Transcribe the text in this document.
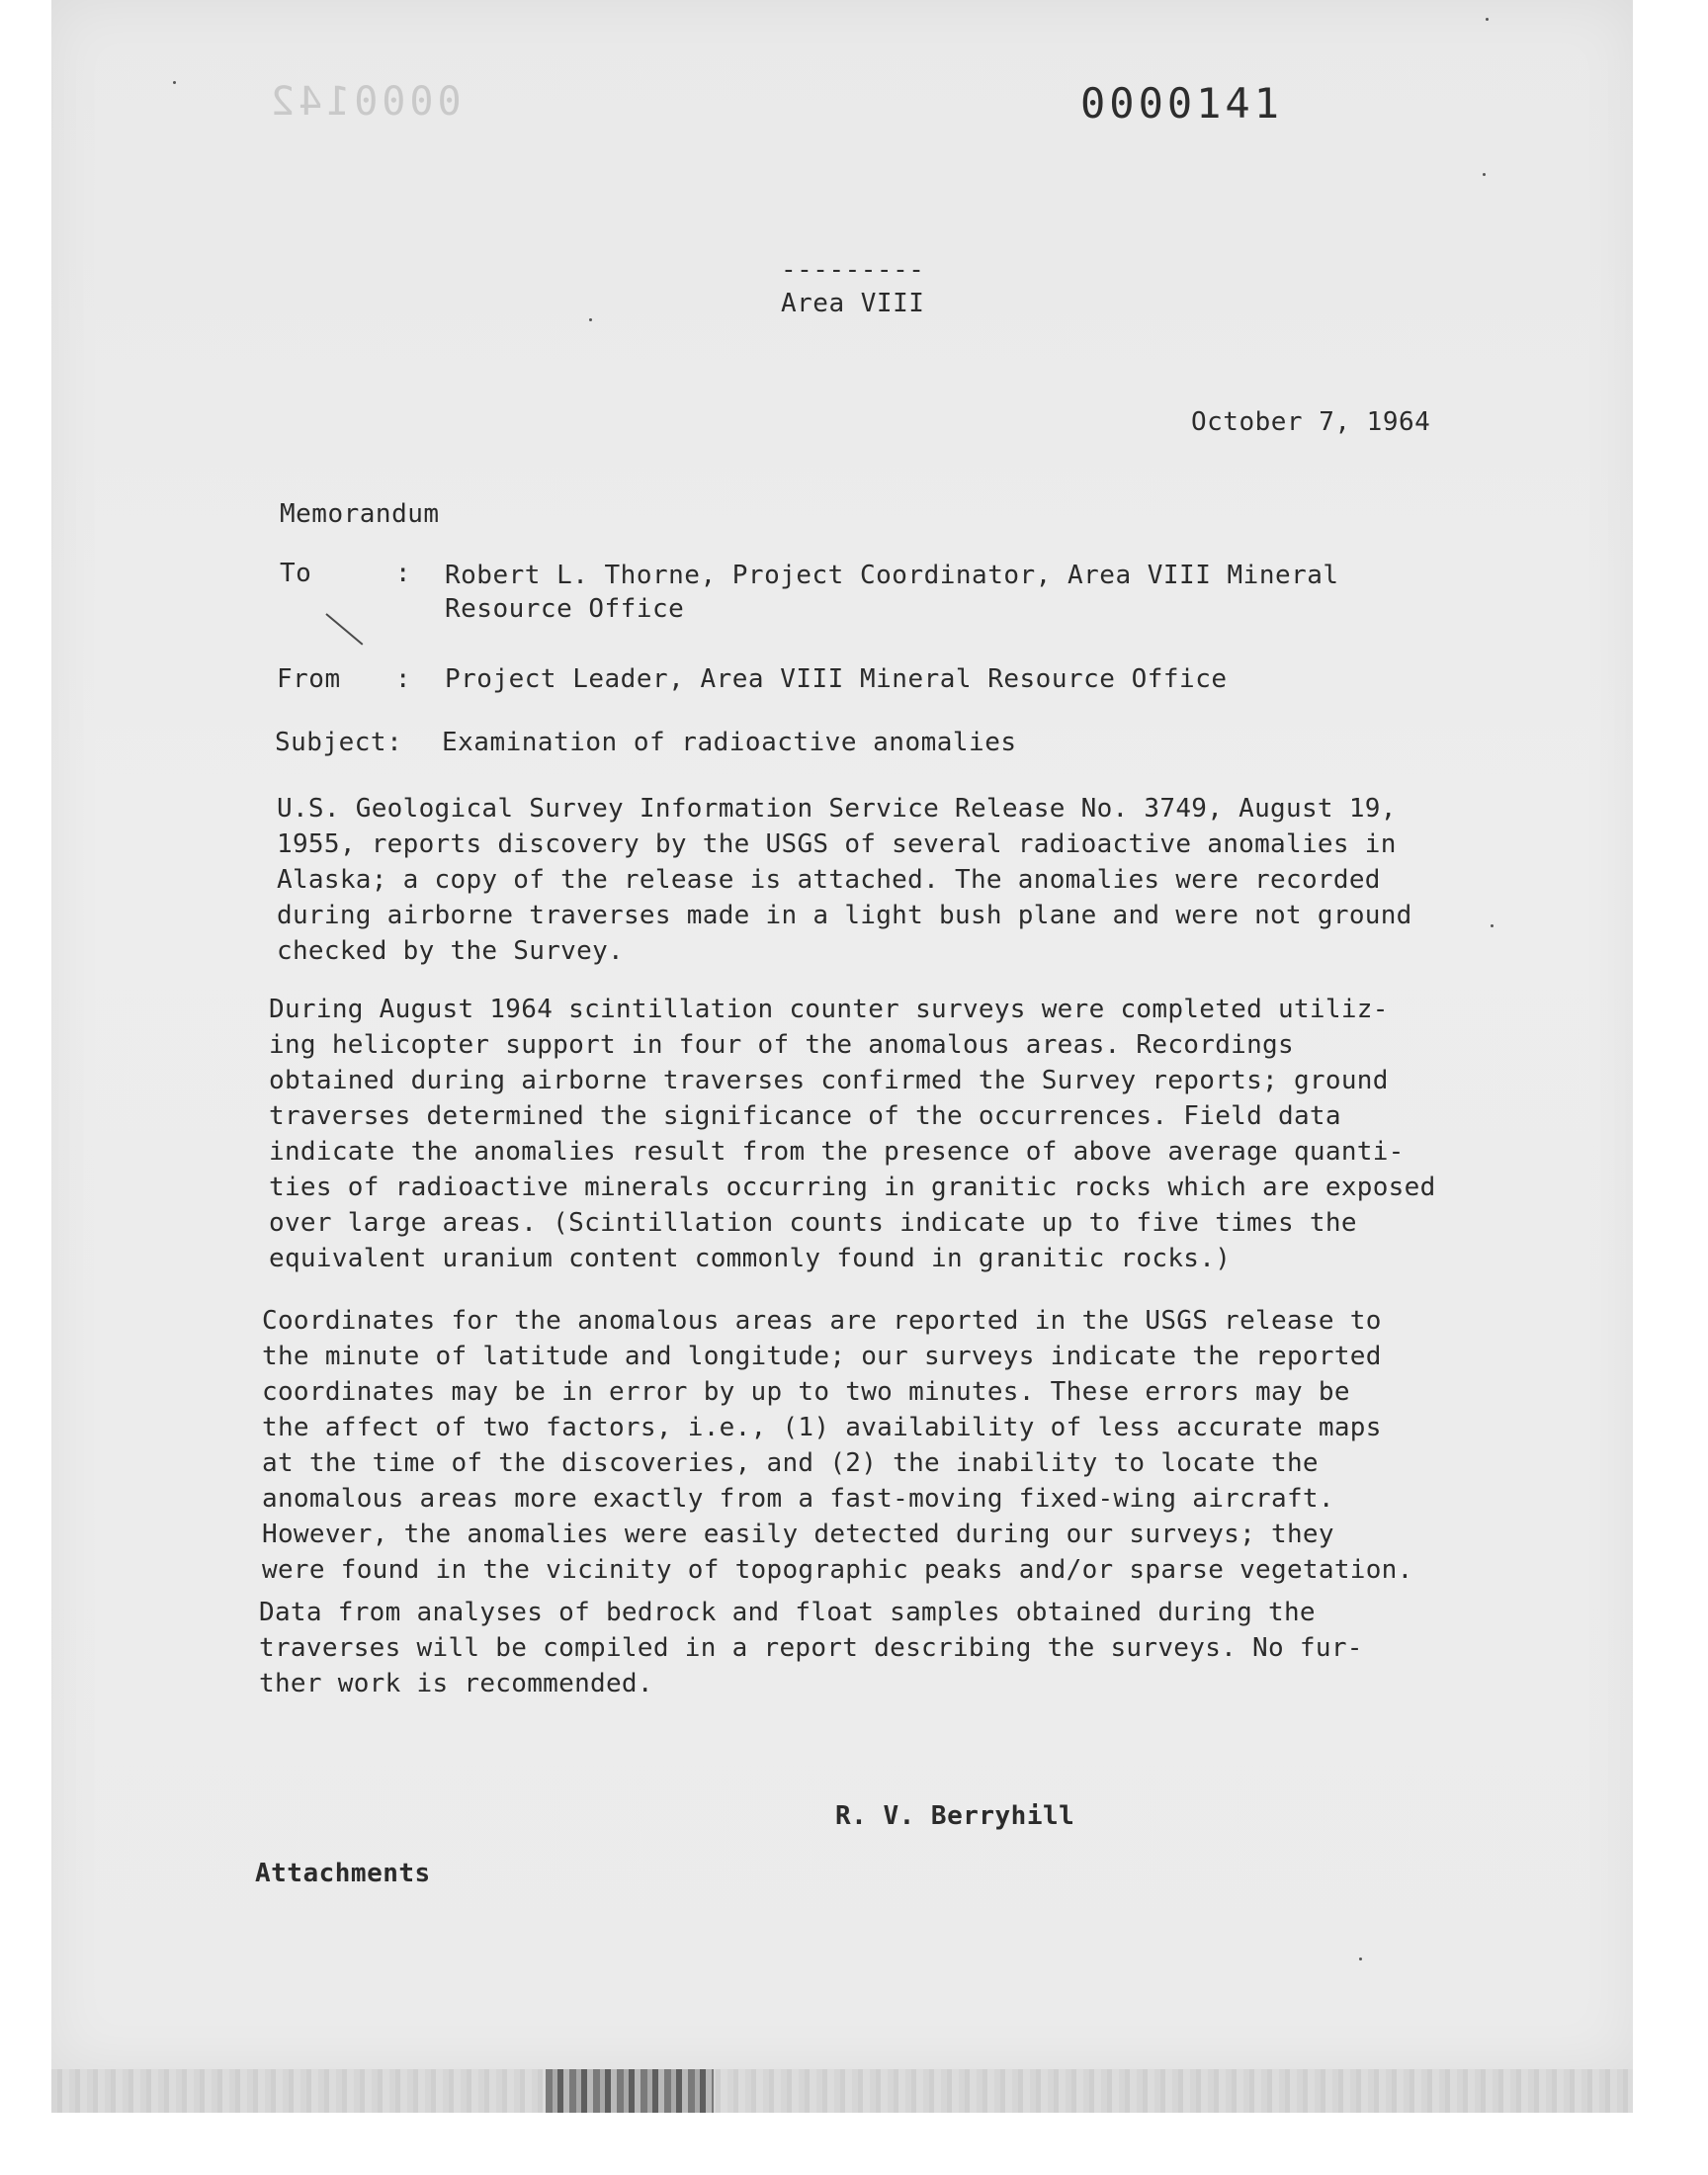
0000142	0000141
---------
Area VIII
October 7, 1964
Memorandum
To	: Robert L. Thorne, Project Coordinator, Area VIII Mineral Resource Office
From	: Project Leader, Area VIII Mineral Resource Office
Subject: Examination of radioactive anomalies
U.S. Geological Survey Information Service Release No. 3749, August 19,
1955, reports discovery by the USGS of several radioactive anomalies in
Alaska; a copy of the release is attached. The anomalies were recorded
during airborne traverses made in a light bush plane and were not ground
checked by the Survey.
During August 1964 scintillation counter surveys were completed utiliz-
ing helicopter support in four of the anomalous areas. Recordings
obtained during airborne traverses confirmed the Survey reports; ground
traverses determined the significance of the occurrences. Field data
indicate the anomalies result from the presence of above average quanti-
ties of radioactive minerals occurring in granitic rocks which are exposed
over large areas. (Scintillation counts indicate up to five times the
equivalent uranium content commonly found in granitic rocks.)
Coordinates for the anomalous areas are reported in the USGS release to
the minute of latitude and longitude; our surveys indicate the reported
coordinates may be in error by up to two minutes. These errors may be
the affect of two factors, i.e., (1) availability of less accurate maps
at the time of the discoveries, and (2) the inability to locate the
anomalous areas more exactly from a fast-moving fixed-wing aircraft.
However, the anomalies were easily detected during our surveys; they
were found in the vicinity of topographic peaks and/or sparse vegetation.
Data from analyses of bedrock and float samples obtained during the
traverses will be compiled in a report describing the surveys. No fur-
ther work is recommended.
R. V. Berryhill
Attachments
